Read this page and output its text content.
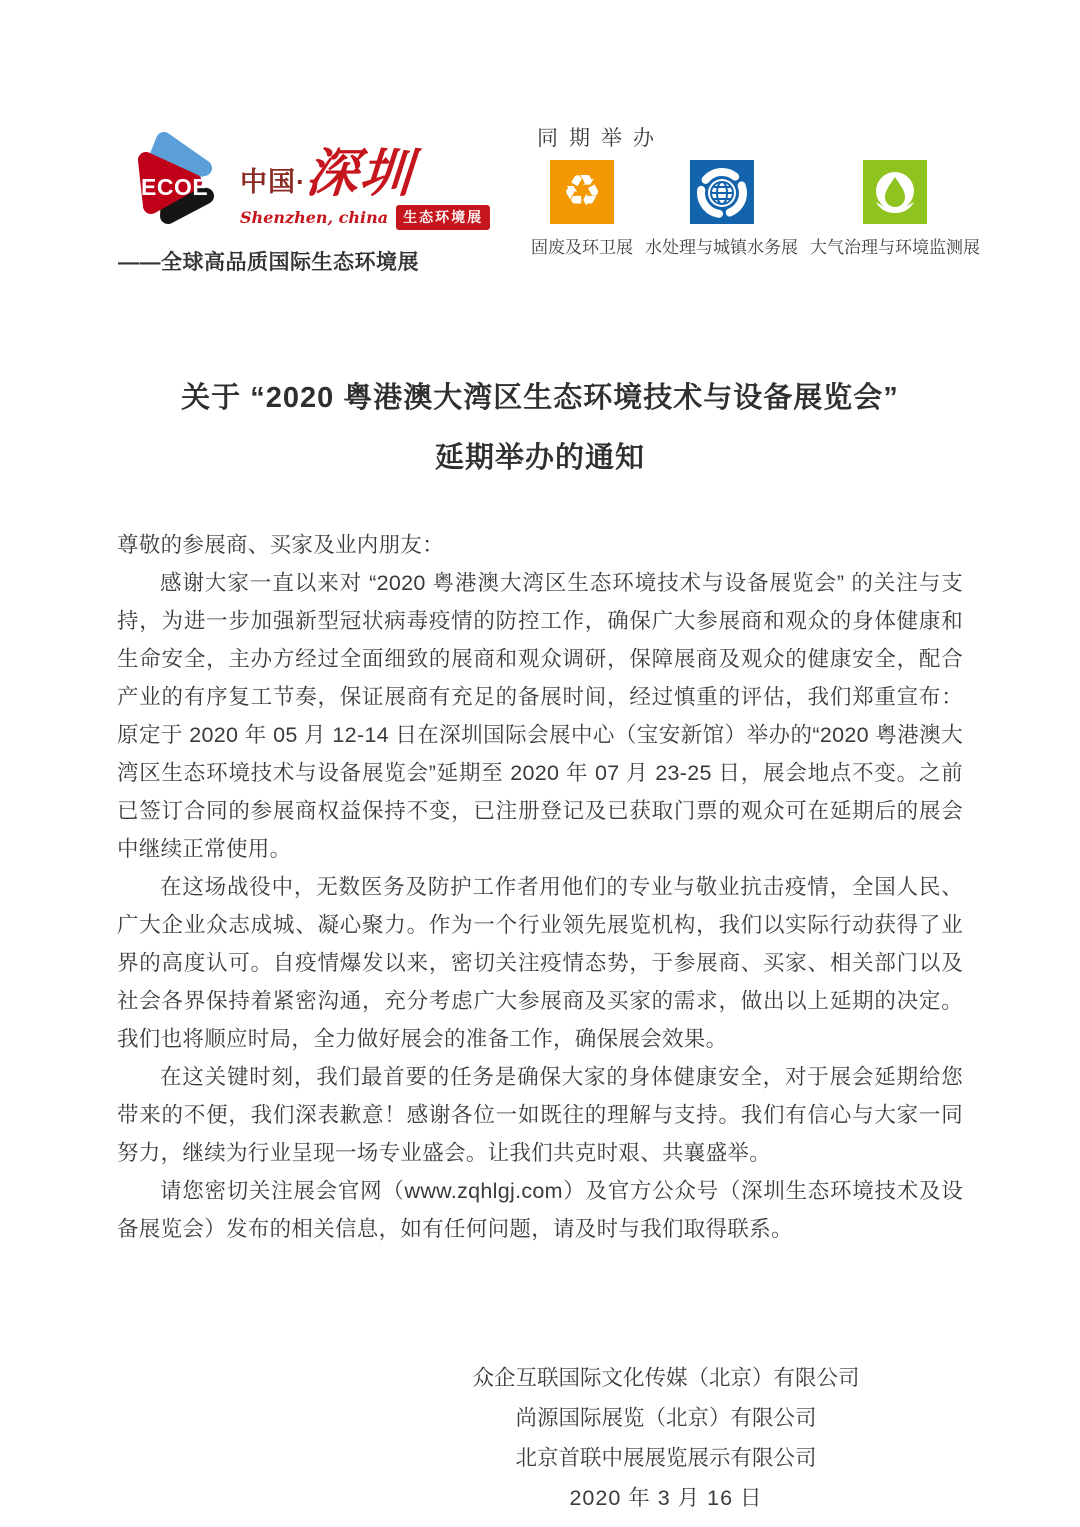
ECOE 中国·
深圳
Shenzhen, china	生态环境展
——全球高品质国际生态环境展
同期举办
♻
固废及环卫展 水处理与城镇水务展 大气治理与环境监测展
关于 “2020 粤港澳大湾区生态环境技术与设备展览会”
延期举办的通知

尊敬的参展商、买家及业内朋友：

感谢大家一直以来对 “2020 粤港澳大湾区生态环境技术与设备展览会” 的关注与支持，为进一步加强新型冠状病毒疫情的防控工作，确保广大参展商和观众的身体健康和生命安全，主办方经过全面细致的展商和观众调研，保障展商及观众的健康安全，配合产业的有序复工节奏，保证展商有充足的备展时间，经过慎重的评估，我们郑重宣布：原定于 2020 年 05 月 12-14 日在深圳国际会展中心（宝安新馆）举办的“2020 粤港澳大湾区生态环境技术与设备展览会”延期至 2020 年 07 月 23-25 日，展会地点不变。之前已签订合同的参展商权益保持不变，已注册登记及已获取门票的观众可在延期后的展会中继续正常使用。

在这场战役中，无数医务及防护工作者用他们的专业与敬业抗击疫情，全国人民、广大企业众志成城、凝心聚力。作为一个行业领先展览机构，我们以实际行动获得了业界的高度认可。自疫情爆发以来，密切关注疫情态势，于参展商、买家、相关部门以及社会各界保持着紧密沟通，充分考虑广大参展商及买家的需求，做出以上延期的决定。我们也将顺应时局，全力做好展会的准备工作，确保展会效果。

在这关键时刻，我们最首要的任务是确保大家的身体健康安全，对于展会延期给您带来的不便，我们深表歉意！感谢各位一如既往的理解与支持。我们有信心与大家一同努力，继续为行业呈现一场专业盛会。让我们共克时艰、共襄盛举。

请您密切关注展会官网（www.zqhlgj.com）及官方公众号（深圳生态环境技术及设备展览会）发布的相关信息，如有任何问题，请及时与我们取得联系。

众企互联国际文化传媒（北京）有限公司
尚源国际展览（北京）有限公司
北京首联中展展览展示有限公司
2020 年 3 月 16 日
